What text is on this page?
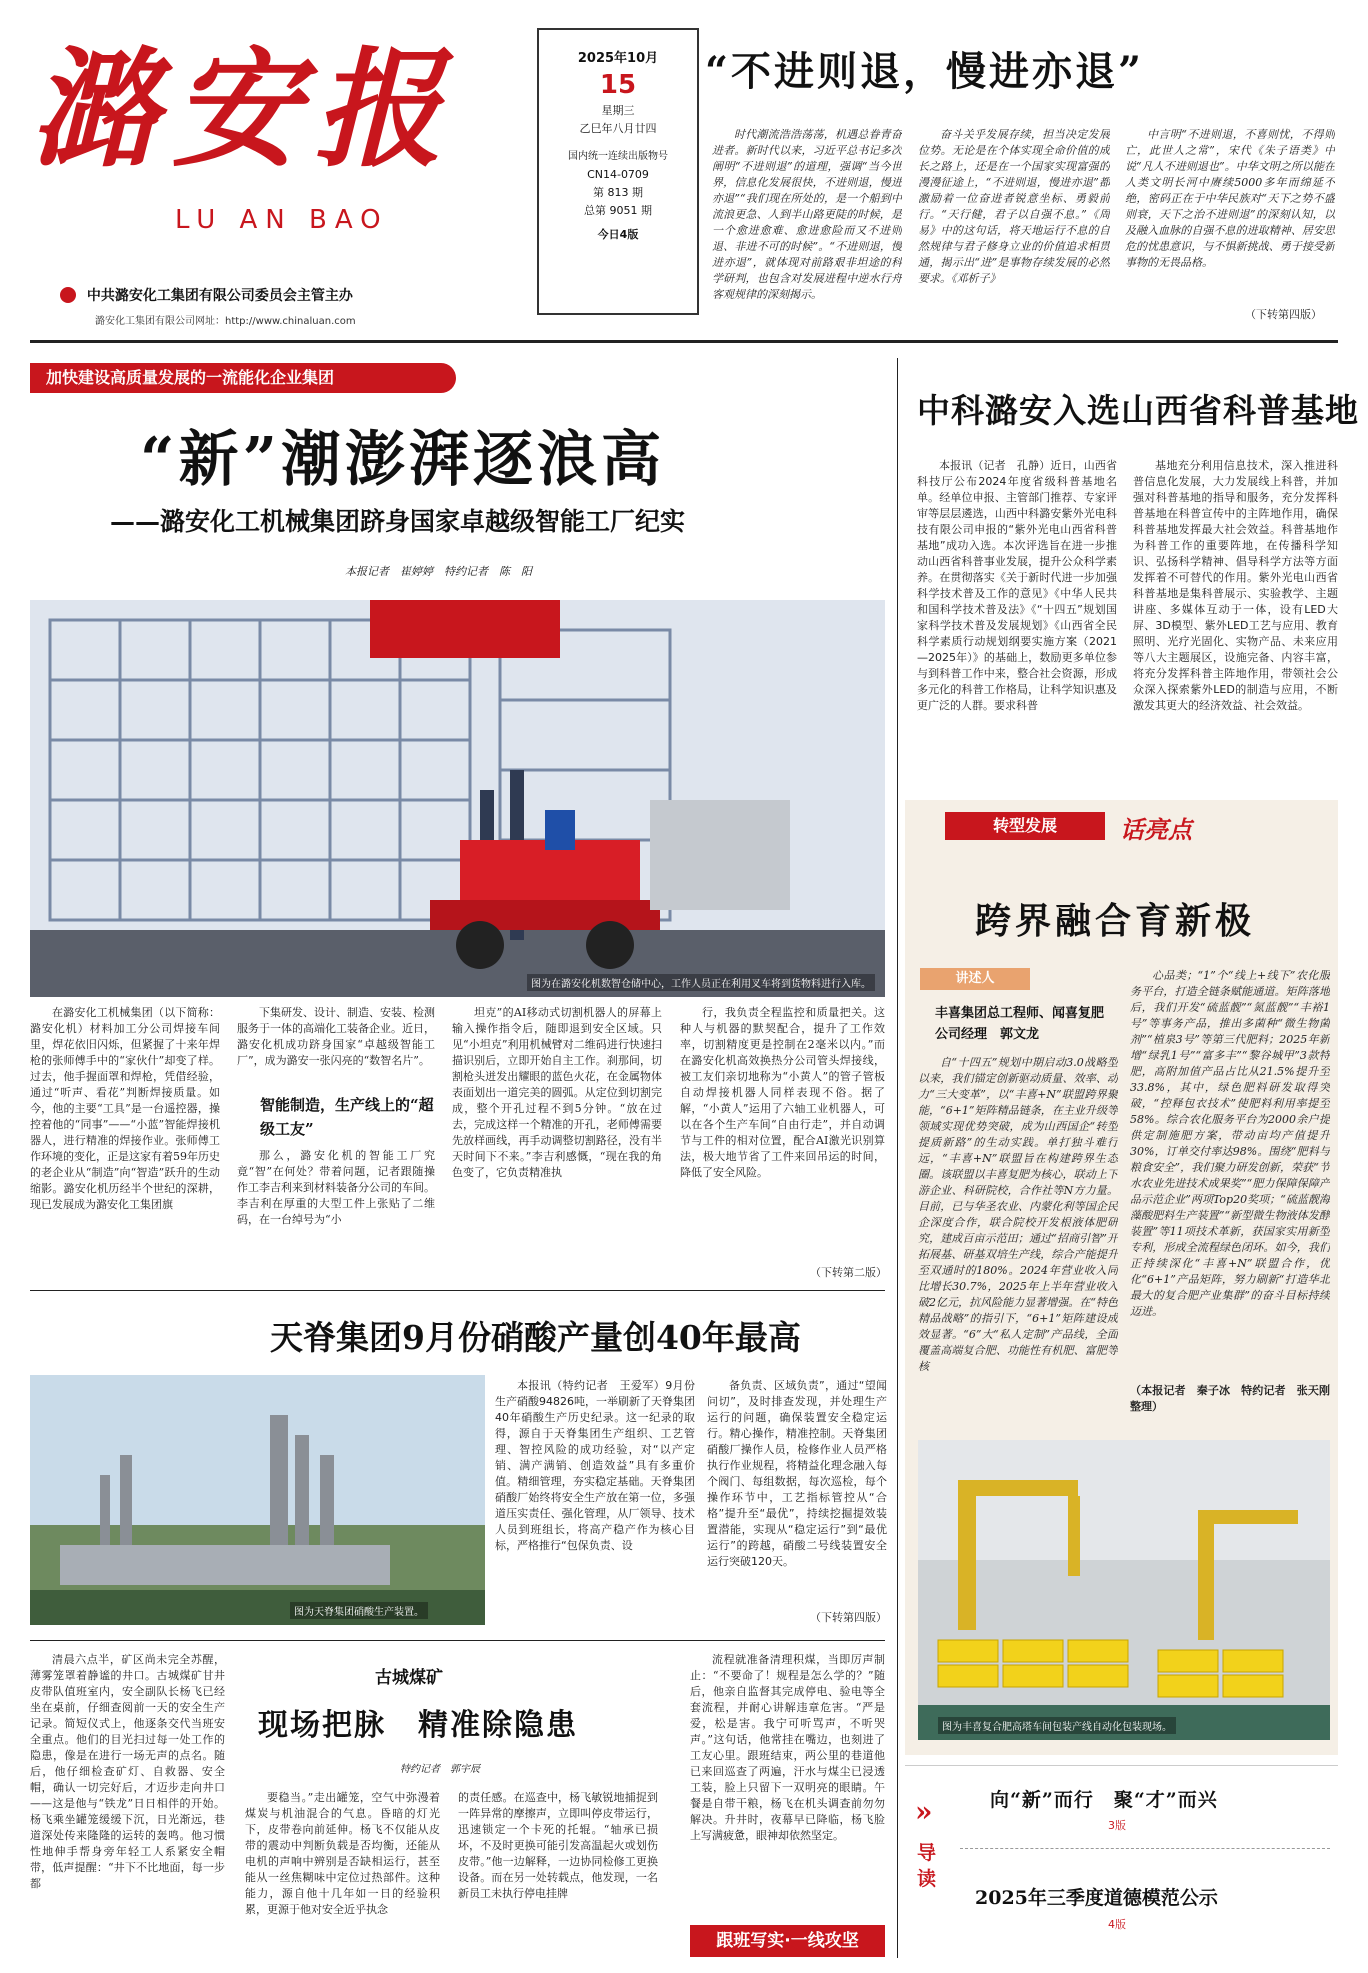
潞安报
LU AN BAO
中共潞安化工集团有限公司委员会主管主办
潞安化工集团有限公司网址：http://www.chinaluan.com
2025年10月
15
星期三
乙巳年八月廿四
国内统一连续出版物号
CN14-0709
第 813 期
总第 9051 期
今日4版
“不进则退，慢进亦退”
时代潮流浩浩荡荡，机遇总眷青奋进者。新时代以来，习近平总书记多次阐明“不进则退”的道理，强调“当今世界，信息化发展很快，不进则退，慢进亦退”“我们现在所处的，是一个船到中流浪更急、人到半山路更陡的时候，是一个愈进愈难、愈进愈险而又不进则退、非进不可的时候”。“不进则退，慢进亦退”，就体现对前路艰非坦途的科学研判，也包含对发展进程中逆水行舟客观规律的深刻揭示。
奋斗关乎发展存续，担当决定发展位势。无论是在个体实现全命价值的成长之路上，还是在一个国家实现富强的漫漫征途上，“不进则退，慢进亦退”都激励着一位奋进者锐意坐标、勇毅前行。“天行健，君子以自强不息。”《周易》中的这句话，将天地运行不息的自然规律与君子修身立业的价值追求相贯通，揭示出“进”是事物存续发展的必然要求。《邓析子》
中言明“不进则退，不喜则忧，不得则亡，此世人之常”，宋代《朱子语类》中说“凡人不进则退也”。中华文明之所以能在人类文明长河中赓续5000多年而绵延不绝，密码正在于中华民族对“天下之势不盛则衰，天下之治不进则退”的深刻认知，以及融入血脉的自强不息的进取精神、居安思危的忧患意识，与不惧新挑战、勇于接受新事物的无畏品格。
（下转第四版）
加快建设高质量发展的一流能化企业集团
“新”潮澎湃逐浪高
——潞安化工机械集团跻身国家卓越级智能工厂纪实
本报记者　崔婷婷　特约记者　陈　阳
图为在潞安化机数智仓储中心，工作人员正在利用叉车将到货物料进行入库。
在潞安化工机械集团（以下简称：潞安化机）材料加工分公司焊接车间里，焊花依旧闪烁，但紧握了十来年焊枪的张师傅手中的“家伙什”却变了样。过去，他手握面罩和焊枪，凭借经验，通过“听声、看花”判断焊接质量。如今，他的主要“工具”是一台遥控器，操控着他的“同事”——“小蓝”智能焊接机器人，进行精准的焊接作业。张师傅工作环境的变化，正是这家有着59年历史的老企业从“制造”向“智造”跃升的生动缩影。潞安化机历经半个世纪的深耕，现已发展成为潞安化工集团旗
下集研发、设计、制造、安装、检测服务于一体的高端化工装备企业。近日，潞安化机成功跻身国家“卓越级智能工厂”，成为潞安一张闪亮的“数智名片”。
智能制造，生产线上的“超级工友”
那么，潞安化机的智能工厂究竟“智”在何处？带着问题，记者跟随操作工李吉利来到材料装备分公司的车间。李吉利在厚重的大型工件上张贴了二维码，在一台绰号为“小
坦克”的AI移动式切割机器人的屏幕上输入操作指令后，随即退到安全区域。只见“小坦克”利用机械臂对二维码进行快速扫描识别后，立即开始自主工作。刹那间，切割枪头迸发出耀眼的蓝色火花，在金属物体表面划出一道完美的圆弧。从定位到切割完成，整个开孔过程不到5分钟。“放在过去，完成这样一个精准的开孔，老师傅需要先放样画线，再手动调整切割路径，没有半天时间下不来。”李吉利感慨，“现在我的角色变了，它负责精准执
行，我负责全程监控和质量把关。这种人与机器的默契配合，提升了工作效率，切割精度更是控制在2毫米以内。”而在潞安化机高效换热分公司管头焊接线，被工友们亲切地称为“小黄人”的管子管板自动焊接机器人同样表现不俗。据了解，“小黄人”运用了六轴工业机器人，可以在各个生产车间“自由行走”，并自动调节与工件的相对位置，配合AI激光识别算法，极大地节省了工件来回吊运的时间，降低了安全风险。
（下转第二版）
中科潞安入选山西省科普基地
本报讯（记者　孔静）近日，山西省科技厅公布2024年度省级科普基地名单。经单位申报、主管部门推荐、专家评审等层层遴选，山西中科潞安紫外光电科技有限公司申报的“紫外光电山西省科普基地”成功入选。本次评选旨在进一步推动山西省科普事业发展，提升公众科学素养。在贯彻落实《关于新时代进一步加强科学技术普及工作的意见》《中华人民共和国科学技术普及法》《“十四五”规划国家科学技术普及发展规划》《山西省全民科学素质行动规划纲要实施方案（2021—2025年）》的基础上，数励更多单位参与到科普工作中来，整合社会资源，形成多元化的科普工作格局，让科学知识惠及更广泛的人群。要求科普
基地充分利用信息技术，深入推进科普信息化发展，大力发展线上科普，并加强对科普基地的指导和服务，充分发挥科普基地在科普宣传中的主阵地作用，确保科普基地发挥最大社会效益。科普基地作为科普工作的重要阵地，在传播科学知识、弘扬科学精神、倡导科学方法等方面发挥着不可替代的作用。紫外光电山西省科普基地是集科普展示、实验教学、主题讲座、多媒体互动于一体，设有LED大屏、3D模型、紫外LED工艺与应用、教育照明、光疗光固化、实物产品、未来应用等八大主题展区，设施完备、内容丰富，将充分发挥科普主阵地作用，带领社会公众深入探索紫外LED的制造与应用，不断激发其更大的经济效益、社会效益。
转型发展	话亮点
跨界融合育新极
讲述人
丰喜集团总工程师、闻喜复肥公司经理　郭文龙
自“十四五”规划中期启动3.0战略型以来，我们锚定创新驱动质量、效率、动力“三大变革”，以“丰喜+N”联盟跨界聚能，“6+1”矩阵精品链条，在主业升级等领域实现优势突破，成为山西国企“转型提质新路”的生动实践。单打独斗难行远，“丰喜+N”联盟旨在构建跨界生态圈。该联盟以丰喜复肥为核心，联动上下游企业、科研院校，合作社等N方力量。目前，已与华圣农业、内蒙化利等国企民企深度合作，联合院校开发根液体肥研究，建成百亩示范田；通过“招商引智”开拓展基、研基双培生产线，综合产能提升至双通时的180%。2024年营业收入同比增长30.7%，2025年上半年营业收入破2亿元，抗风险能力显著增强。在“特色精品战略”的指引下，“6+1”矩阵建设成效显著。“6”大“私人定制”产品线，全面覆盖高端复合肥、功能性有机肥、富肥等核
心品类；“1”个“线上+线下”农化服务平台，打造全链条赋能通道。矩阵落地后，我们开发“硫蓝靓”“氮蓝靓”“丰裕1号”等事务产品，推出多菌种“微生物菌剂”“植泉3号”等第三代肥料；2025年新增“绿乳1号”“富多丰”“黎谷城甲”3款特肥，高附加值产品占比从21.5%提升至33.8%，其中，绿色肥料研发取得突破，“控释包衣技术”使肥料利用率提至58%。综合农化服务平台为2000余户提供定制施肥方案，带动亩均产值提升30%，订单交付率达98%。围绕“肥料与粮食安全”，我们聚力研发创新，荣获“节水农业先进技术成果奖”“肥力保障保障产品示范企业”两项Top20奖项；“硫蓝靓海藻酸肥料生产装置”“新型微生物液体发酵装置”等11项技术革新，获国家实用新型专利，形成全流程绿色闭环。如今，我们正持续深化“丰喜+N”联盟合作，优化“6+1”产品矩阵，努力刷新“打造华北最大的复合肥产业集群”的奋斗目标持续迈进。
（本报记者　秦子冰　特约记者　张天刚整理）
图为丰喜复合肥高塔车间包装产线自动化包装现场。
天脊集团9月份硝酸产量创40年最高
图为天脊集团硝酸生产装置。
本报讯（特约记者　王爱军）9月份生产硝酸94826吨，一举刷新了天脊集团40年硝酸生产历史纪录。这一纪录的取得，源自于天脊集团生产组织、工艺管理、智控风险的成功经验，对“以产定销、满产满销、创造效益”具有多重价值。精细管理，夯实稳定基础。天脊集团硝酸厂始终将安全生产放在第一位，多强道压实责任、强化管理，从厂领导、技术人员到班组长，将高产稳产作为核心目标，严格推行“包保负责、设
备负责、区域负责”，通过“望闻问切”，及时排查发现，并处理生产运行的问题，确保装置安全稳定运行。精心操作，精准控制。天脊集团硝酸厂操作人员，检修作业人员严格执行作业规程，将精益化理念融入每个阀门、每组数据，每次巡检，每个操作环节中，工艺指标管控从“合格”提升至“最优”，持续挖掘提效装置潜能，实现从“稳定运行”到“最优运行”的跨越，硝酸二号线装置安全运行突破120天。
（下转第四版）
清晨六点半，矿区尚未完全苏醒，薄雾笼罩着静谧的井口。古城煤矿甘井皮带队值班室内，安全副队长杨飞已经坐在桌前，仔细查阅前一天的安全生产记录。简短仪式上，他逐条交代当班安全重点。他们的目光扫过每一处工作的隐患，像是在进行一场无声的点名。随后，他仔细检查矿灯、自救器、安全帽，确认一切完好后，才迈步走向井口——这是他与“铁龙”日日相伴的开始。杨飞乘坐罐笼缓缓下沉，日光渐远，巷道深处传来隆隆的运转的轰鸣。他习惯性地伸手帮身旁年轻工人系紧安全帽带，低声提醒：“井下不比地面，每一步都
古城煤矿
现场把脉　精准除隐患
特约记者　郭宇辰
要稳当。”走出罐笼，空气中弥漫着煤炭与机油混合的气息。昏暗的灯光下，皮带卷向前延伸。杨飞不仅能从皮带的震动中判断负载是否均衡，还能从电机的声响中辨别是否缺相运行，甚至能从一丝焦糊味中定位过热部件。这种能力，源自他十几年如一日的经验积累，更源于他对安全近乎执念
的责任感。在巡查中，杨飞敏锐地捕捉到一阵异常的摩擦声，立即叫停皮带运行，迅速锁定一个卡死的托辊。“轴承已损坏，不及时更换可能引发高温起火或划伤皮带。”他一边解释，一边协同检修工更换设备。而在另一处转载点，他发现，一名新员工未执行停电挂牌
流程就准备清理积煤，当即厉声制止：“不要命了！规程是怎么学的？”随后，他亲自监督其完成停电、验电等全套流程，并耐心讲解违章危害。“严是爱，松是害。我宁可听骂声，不听哭声。”这句话，他常挂在嘴边，也刻进了工友心里。跟班结束，两公里的巷道他已来回巡查了两遍，汗水与煤尘已浸透工装，脸上只留下一双明亮的眼睛。午餐是自带干粮，杨飞在机头调查前勿勿解决。升井时，夜幕早已降临，杨飞脸上写满疲惫，眼神却依然坚定。
跟班写实·一线攻坚
»
导读
向“新”而行　聚“才”而兴
3版
2025年三季度道德模范公示
4版
